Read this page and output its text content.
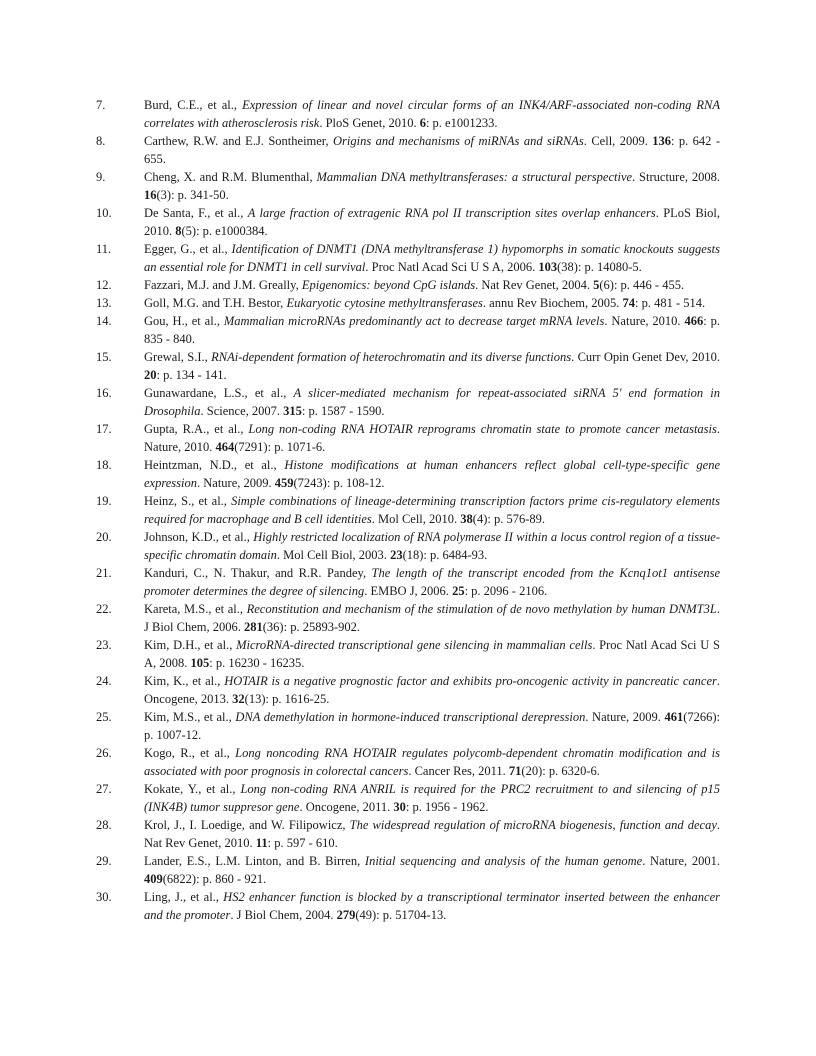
7.	Burd, C.E., et al., Expression of linear and novel circular forms of an INK4/ARF-associated non-coding RNA correlates with atherosclerosis risk. PloS Genet, 2010. 6: p. e1001233.
8.	Carthew, R.W. and E.J. Sontheimer, Origins and mechanisms of miRNAs and siRNAs. Cell, 2009. 136: p. 642 - 655.
9.	Cheng, X. and R.M. Blumenthal, Mammalian DNA methyltransferases: a structural perspective. Structure, 2008. 16(3): p. 341-50.
10.	De Santa, F., et al., A large fraction of extragenic RNA pol II transcription sites overlap enhancers. PLoS Biol, 2010. 8(5): p. e1000384.
11.	Egger, G., et al., Identification of DNMT1 (DNA methyltransferase 1) hypomorphs in somatic knockouts suggests an essential role for DNMT1 in cell survival. Proc Natl Acad Sci U S A, 2006. 103(38): p. 14080-5.
12.	Fazzari, M.J. and J.M. Greally, Epigenomics: beyond CpG islands. Nat Rev Genet, 2004. 5(6): p. 446 - 455.
13.	Goll, M.G. and T.H. Bestor, Eukaryotic cytosine methyltransferases. annu Rev Biochem, 2005. 74: p. 481 - 514.
14.	Gou, H., et al., Mammalian microRNAs predominantly act to decrease target mRNA levels. Nature, 2010. 466: p. 835 - 840.
15.	Grewal, S.I., RNAi-dependent formation of heterochromatin and its diverse functions. Curr Opin Genet Dev, 2010. 20: p. 134 - 141.
16.	Gunawardane, L.S., et al., A slicer-mediated mechanism for repeat-associated siRNA 5' end formation in Drosophila. Science, 2007. 315: p. 1587 - 1590.
17.	Gupta, R.A., et al., Long non-coding RNA HOTAIR reprograms chromatin state to promote cancer metastasis. Nature, 2010. 464(7291): p. 1071-6.
18.	Heintzman, N.D., et al., Histone modifications at human enhancers reflect global cell-type-specific gene expression. Nature, 2009. 459(7243): p. 108-12.
19.	Heinz, S., et al., Simple combinations of lineage-determining transcription factors prime cis-regulatory elements required for macrophage and B cell identities. Mol Cell, 2010. 38(4): p. 576-89.
20.	Johnson, K.D., et al., Highly restricted localization of RNA polymerase II within a locus control region of a tissue-specific chromatin domain. Mol Cell Biol, 2003. 23(18): p. 6484-93.
21.	Kanduri, C., N. Thakur, and R.R. Pandey, The length of the transcript encoded from the Kcnq1ot1 antisense promoter determines the degree of silencing. EMBO J, 2006. 25: p. 2096 - 2106.
22.	Kareta, M.S., et al., Reconstitution and mechanism of the stimulation of de novo methylation by human DNMT3L. J Biol Chem, 2006. 281(36): p. 25893-902.
23.	Kim, D.H., et al., MicroRNA-directed transcriptional gene silencing in mammalian cells. Proc Natl Acad Sci U S A, 2008. 105: p. 16230 - 16235.
24.	Kim, K., et al., HOTAIR is a negative prognostic factor and exhibits pro-oncogenic activity in pancreatic cancer. Oncogene, 2013. 32(13): p. 1616-25.
25.	Kim, M.S., et al., DNA demethylation in hormone-induced transcriptional derepression. Nature, 2009. 461(7266): p. 1007-12.
26.	Kogo, R., et al., Long noncoding RNA HOTAIR regulates polycomb-dependent chromatin modification and is associated with poor prognosis in colorectal cancers. Cancer Res, 2011. 71(20): p. 6320-6.
27.	Kokate, Y., et al., Long non-coding RNA ANRIL is required for the PRC2 recruitment to and silencing of p15 (INK4B) tumor suppresor gene. Oncogene, 2011. 30: p. 1956 - 1962.
28.	Krol, J., I. Loedige, and W. Filipowicz, The widespread regulation of microRNA biogenesis, function and decay. Nat Rev Genet, 2010. 11: p. 597 - 610.
29.	Lander, E.S., L.M. Linton, and B. Birren, Initial sequencing and analysis of the human genome. Nature, 2001. 409(6822): p. 860 - 921.
30.	Ling, J., et al., HS2 enhancer function is blocked by a transcriptional terminator inserted between the enhancer and the promoter. J Biol Chem, 2004. 279(49): p. 51704-13.
